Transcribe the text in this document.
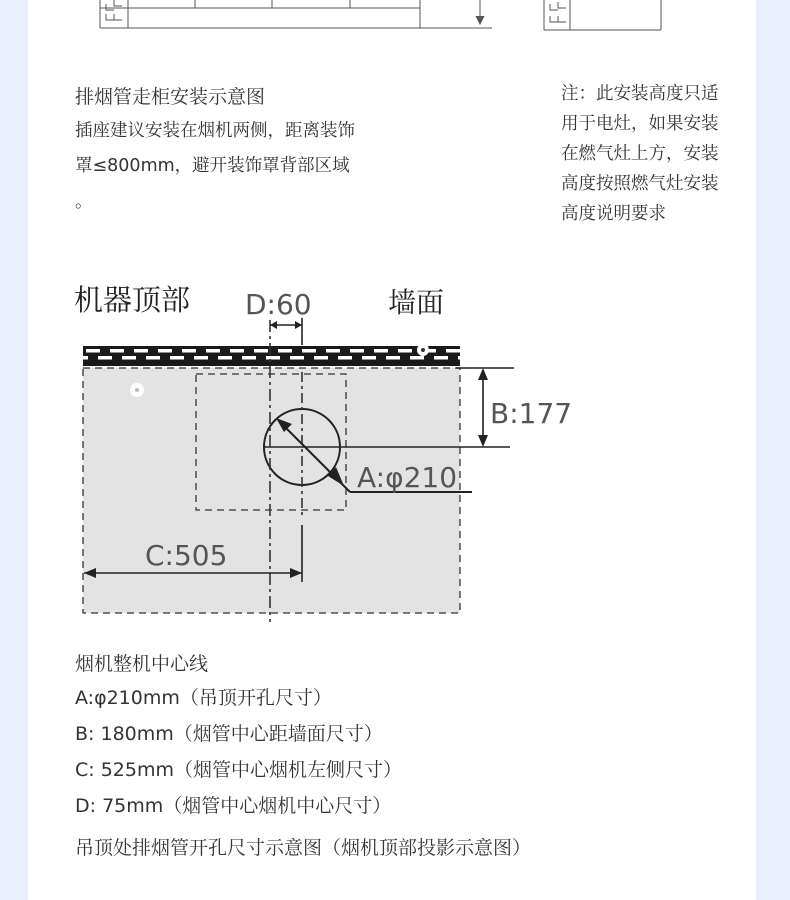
排烟管走柜安装示意图
插座建议安装在烟机两侧，距离装饰
罩≤800mm，避开装饰罩背部区域
。
注：此安装高度只适
用于电灶，如果安装
在燃气灶上方，安装
高度按照燃气灶安装
高度说明要求
机器顶部	墙面
D:60
B:177
A:φ210
C:505
烟机整机中心线
A:φ210mm（吊顶开孔尺寸）
B: 180mm（烟管中心距墙面尺寸）
C: 525mm（烟管中心烟机左侧尺寸）
D: 75mm（烟管中心烟机中心尺寸）
吊顶处排烟管开孔尺寸示意图（烟机顶部投影示意图）
